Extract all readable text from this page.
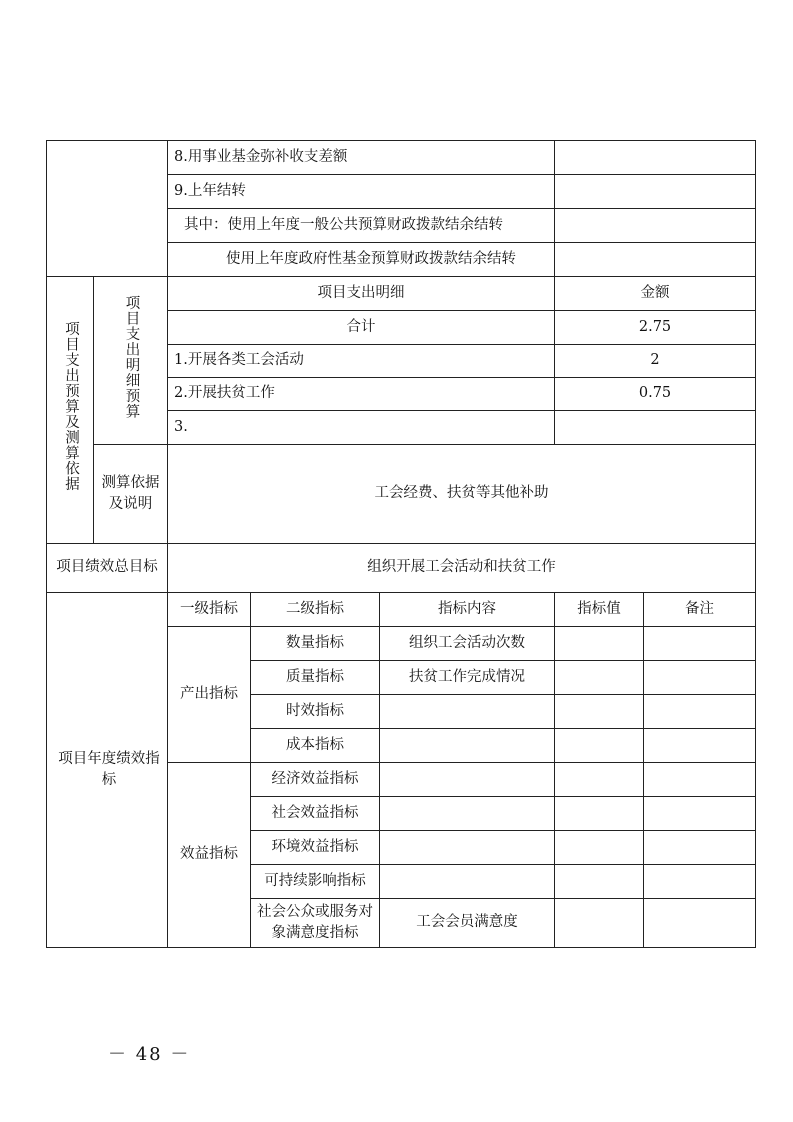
		8.用事业基金弥补收支差额				
		9.上年结转				
		其中：使用上年度一般公共预算财政拨款结余结转				
		使用上年度政府性基金预算财政拨款结余结转				
项目支出预算及测算依据	项目支出明细预算	项目支出明细			金额	
		合计			2.75	
		1.开展各类工会活动			2	
		2.开展扶贫工作			0.75	
		3.				
	测算依据及说明	工会经费、扶贫等其他补助				
项目绩效总目标		组织开展工会活动和扶贫工作				
项目年度绩效指标		一级指标	二级指标	指标内容	指标值	备注
		产出指标	数量指标	组织工会活动次数		
			质量指标	扶贫工作完成情况		
			时效指标			
			成本指标			
		效益指标	经济效益指标			
			社会效益指标			
			环境效益指标			
			可持续影响指标			
			社会公众或服务对象满意度指标	工会会员满意度		
－ 48 －
